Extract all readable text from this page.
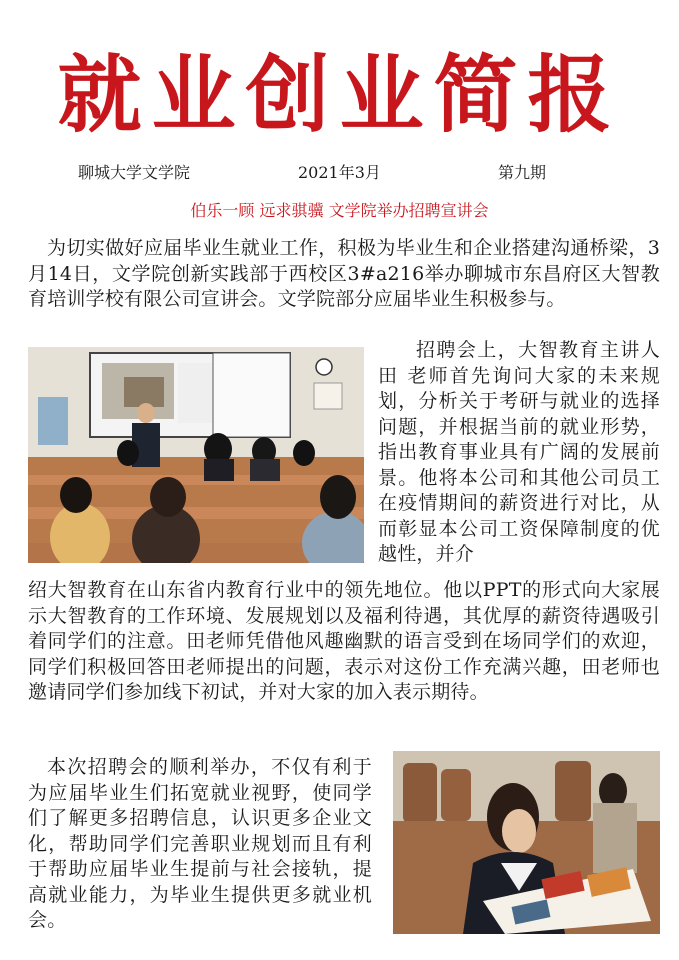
就业创业简报
聊城大学文学院	2021年3月	第九期
伯乐一顾 远求骐骥 文学院举办招聘宣讲会
为切实做好应届毕业生就业工作，积极为毕业生和企业搭建沟通桥梁，3月14日，文学院创新实践部于西校区3#a216举办聊城市东昌府区大智教育培训学校有限公司宣讲会。文学院部分应届毕业生积极参与。
招聘会上，大智教育主讲人田 老师首先询问大家的未来规划，分析关于考研与就业的选择问题，并根据当前的就业形势，指出教育事业具有广阔的发展前景。他将本公司和其他公司员工在疫情期间的薪资进行对比，从而彰显本公司工资保障制度的优越性，并介
绍大智教育在山东省内教育行业中的领先地位。他以PPT的形式向大家展示大智教育的工作环境、发展规划以及福利待遇，其优厚的薪资待遇吸引着同学们的注意。田老师凭借他风趣幽默的语言受到在场同学们的欢迎，同学们积极回答田老师提出的问题，表示对这份工作充满兴趣，田老师也邀请同学们参加线下初试，并对大家的加入表示期待。
本次招聘会的顺利举办，不仅有利于为应届毕业生们拓宽就业视野，使同学们了解更多招聘信息，认识更多企业文化，帮助同学们完善职业规划而且有利于帮助应届毕业生提前与社会接轨，提高就业能力，为毕业生提供更多就业机会。
